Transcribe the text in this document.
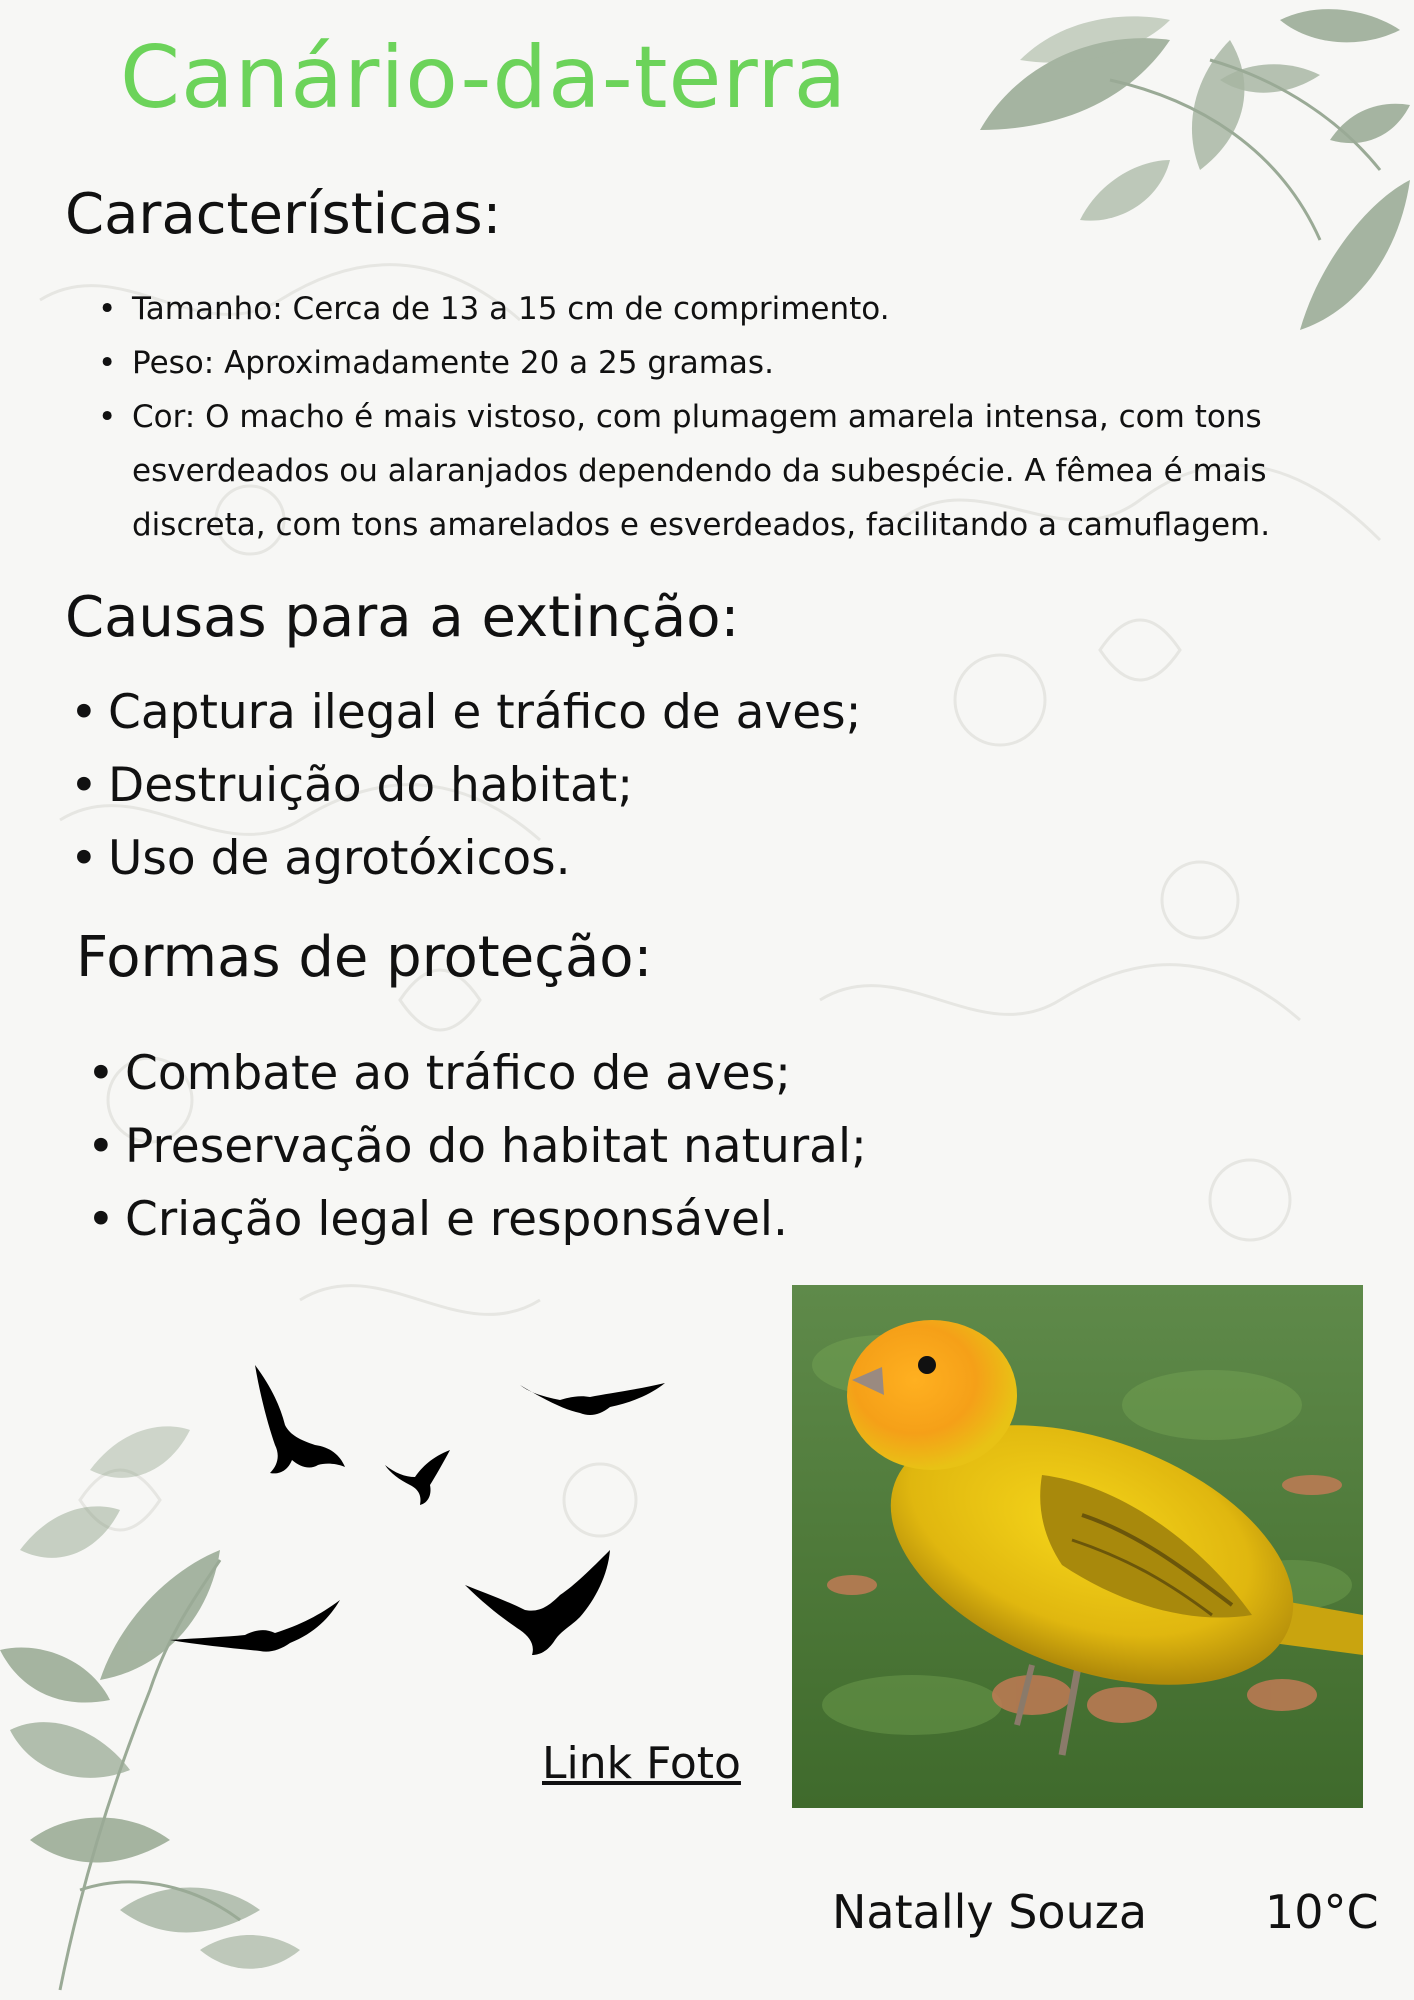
Canário-da-terra
Características:
• Tamanho: Cerca de 13 a 15 cm de comprimento.
• Peso: Aproximadamente 20 a 25 gramas.
• Cor: O macho é mais vistoso, com plumagem amarela intensa, com tons esverdeados ou alaranjados dependendo da subespécie. A fêmea é mais discreta, com tons amarelados e esverdeados, facilitando a camuflagem.
Causas para a extinção:
• Captura ilegal e tráfico de aves;
• Destruição do habitat;
• Uso de agrotóxicos.
Formas de proteção:
• Combate ao tráfico de aves;
• Preservação do habitat natural;
• Criação legal e responsável.
Link Foto
Natally Souza	10°C
